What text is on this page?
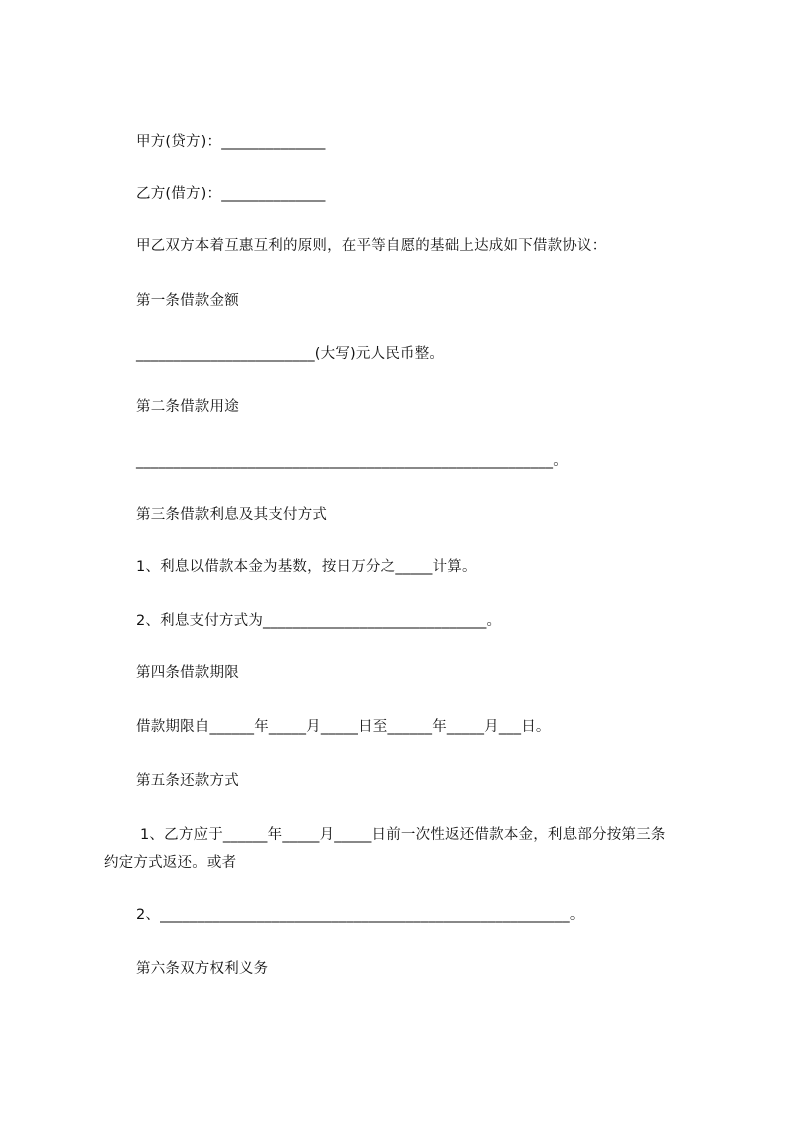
甲方(贷方)：______________
乙方(借方)：______________
甲乙双方本着互惠互利的原则，在平等自愿的基础上达成如下借款协议：
第一条借款金额
________________________(大写)元人民币整。
第二条借款用途
________________________________________________________。
第三条借款利息及其支付方式
1、利息以借款本金为基数，按日万分之_____计算。
2、利息支付方式为______________________________。
第四条借款期限
借款期限自______年_____月_____日至______年_____月___日。
第五条还款方式
1、乙方应于______年_____月_____日前一次性返还借款本金，利息部分按第三条
约定方式返还。或者
2、_______________________________________________________。
第六条双方权利义务
